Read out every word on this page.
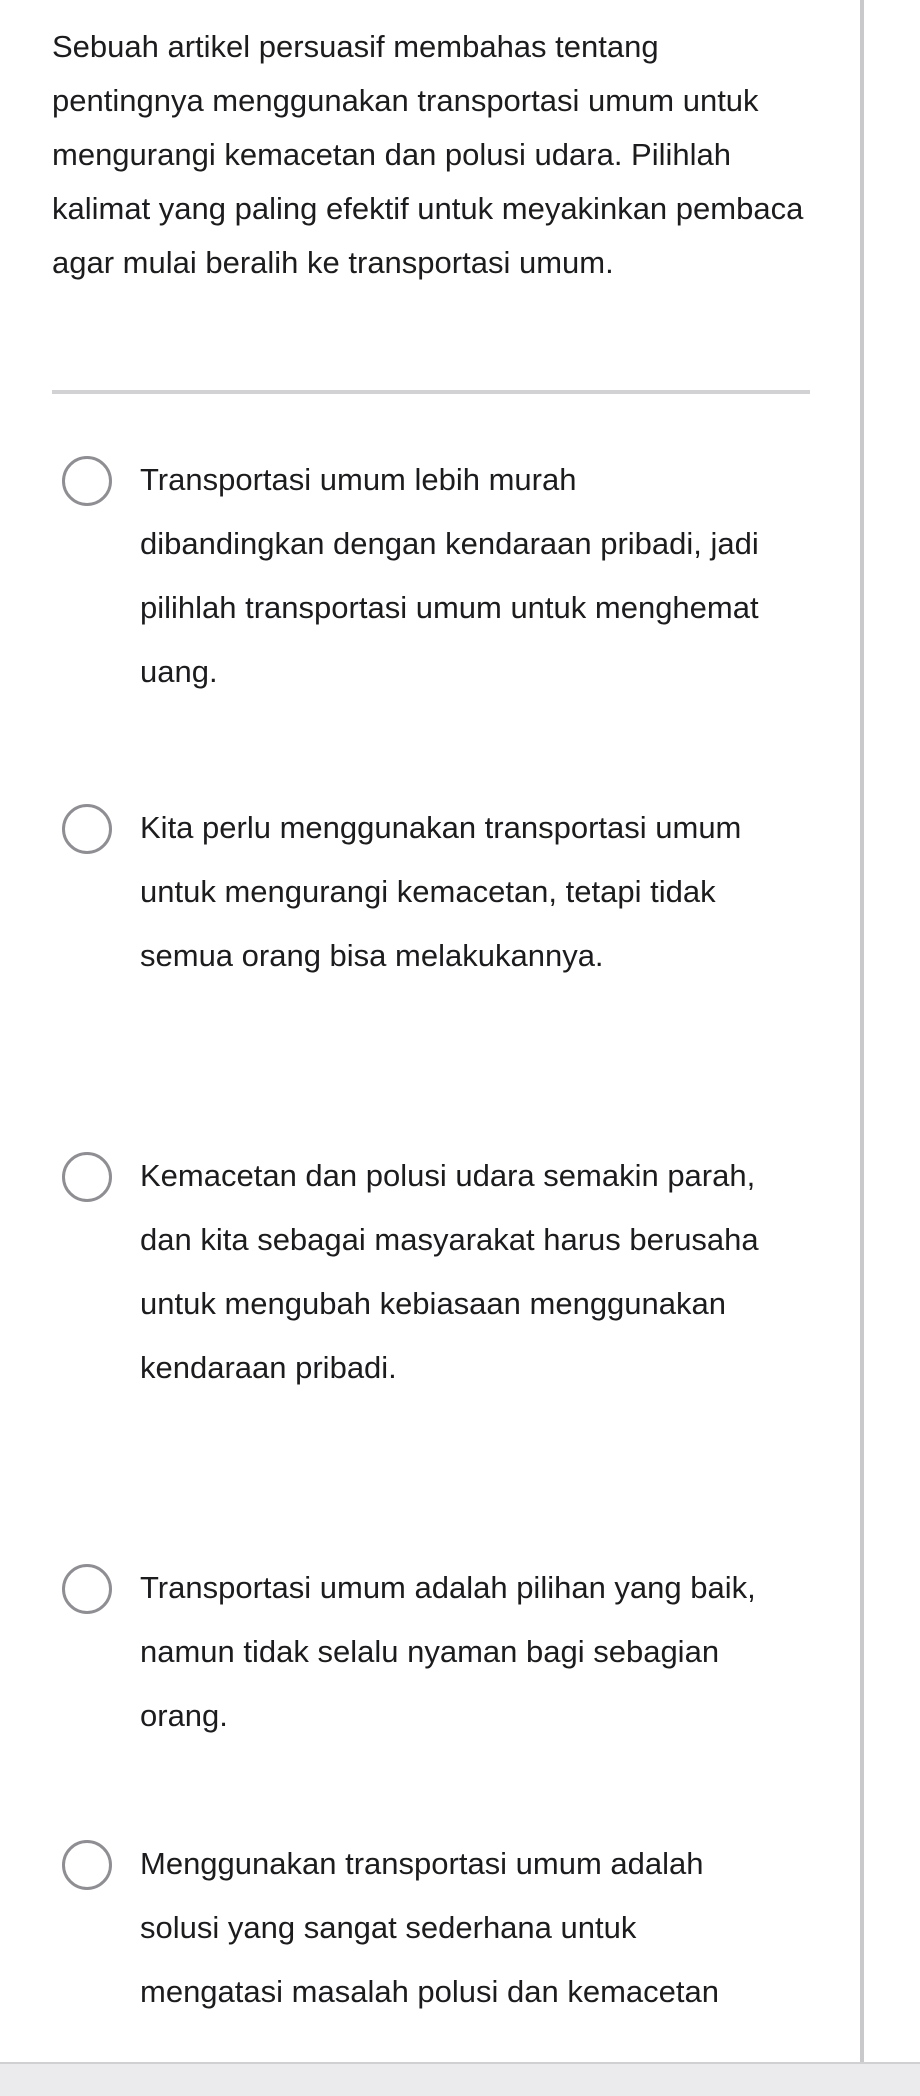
Sebuah artikel persuasif membahas tentang pentingnya menggunakan transportasi umum untuk mengurangi kemacetan dan polusi udara. Pilihlah kalimat yang paling efektif untuk meyakinkan pembaca agar mulai beralih ke transportasi umum.

Transportasi umum lebih murah dibandingkan dengan kendaraan pribadi, jadi pilihlah transportasi umum untuk menghemat uang.
Kita perlu menggunakan transportasi umum untuk mengurangi kemacetan, tetapi tidak semua orang bisa melakukannya.
Kemacetan dan polusi udara semakin parah, dan kita sebagai masyarakat harus berusaha untuk mengubah kebiasaan menggunakan kendaraan pribadi.
Transportasi umum adalah pilihan yang baik, namun tidak selalu nyaman bagi sebagian orang.
Menggunakan transportasi umum adalah solusi yang sangat sederhana untuk mengatasi masalah polusi dan kemacetan
